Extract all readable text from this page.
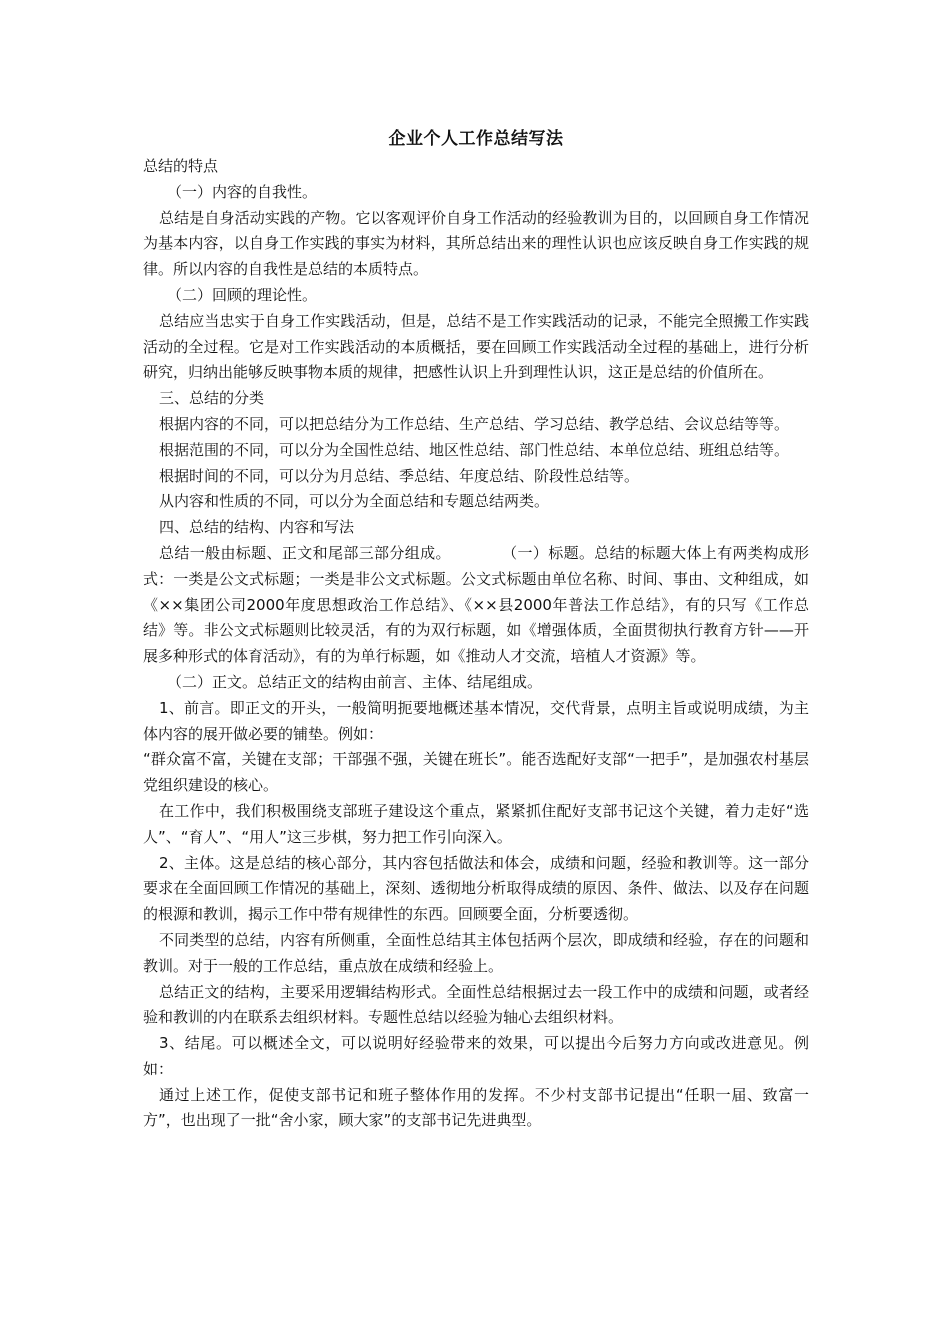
企业个人工作总结写法

总结的特点

（一）内容的自我性。

总结是自身活动实践的产物。它以客观评价自身工作活动的经验教训为目的，以回顾自身工作情况为基本内容，以自身工作实践的事实为材料，其所总结出来的理性认识也应该反映自身工作实践的规律。所以内容的自我性是总结的本质特点。

（二）回顾的理论性。

总结应当忠实于自身工作实践活动，但是，总结不是工作实践活动的记录，不能完全照搬工作实践活动的全过程。它是对工作实践活动的本质概括，要在回顾工作实践活动全过程的基础上，进行分析研究，归纳出能够反映事物本质的规律，把感性认识上升到理性认识，这正是总结的价值所在。

三、总结的分类

根据内容的不同，可以把总结分为工作总结、生产总结、学习总结、教学总结、会议总结等等。

根据范围的不同，可以分为全国性总结、地区性总结、部门性总结、本单位总结、班组总结等。

根据时间的不同，可以分为月总结、季总结、年度总结、阶段性总结等。

从内容和性质的不同，可以分为全面总结和专题总结两类。

四、总结的结构、内容和写法

总结一般由标题、正文和尾部三部分组成。          （一）标题。总结的标题大体上有两类构成形式：一类是公文式标题；一类是非公文式标题。公文式标题由单位名称、时间、事由、文种组成，如《××集团公司2000年度思想政治工作总结》、《××县2000年普法工作总结》，有的只写《工作总结》等。非公文式标题则比较灵活，有的为双行标题，如《增强体质，全面贯彻执行教育方针——开展多种形式的体育活动》，有的为单行标题，如《推动人才交流，培植人才资源》等。

（二）正文。总结正文的结构由前言、主体、结尾组成。

1、前言。即正文的开头，一般简明扼要地概述基本情况，交代背景，点明主旨或说明成绩，为主体内容的展开做必要的铺垫。例如：

“群众富不富，关键在支部；干部强不强，关键在班长”。能否选配好支部“一把手”，是加强农村基层党组织建设的核心。

在工作中，我们积极围绕支部班子建设这个重点，紧紧抓住配好支部书记这个关键，着力走好“选人”、“育人”、“用人”这三步棋，努力把工作引向深入。

2、主体。这是总结的核心部分，其内容包括做法和体会，成绩和问题，经验和教训等。这一部分要求在全面回顾工作情况的基础上，深刻、透彻地分析取得成绩的原因、条件、做法、以及存在问题的根源和教训，揭示工作中带有规律性的东西。回顾要全面，分析要透彻。

不同类型的总结，内容有所侧重，全面性总结其主体包括两个层次，即成绩和经验，存在的问题和教训。对于一般的工作总结，重点放在成绩和经验上。

总结正文的结构，主要采用逻辑结构形式。全面性总结根据过去一段工作中的成绩和问题，或者经验和教训的内在联系去组织材料。专题性总结以经验为轴心去组织材料。

3、结尾。可以概述全文，可以说明好经验带来的效果，可以提出今后努力方向或改进意见。例如：

通过上述工作，促使支部书记和班子整体作用的发挥。不少村支部书记提出“任职一届、致富一方”，也出现了一批“舍小家，顾大家”的支部书记先进典型。
